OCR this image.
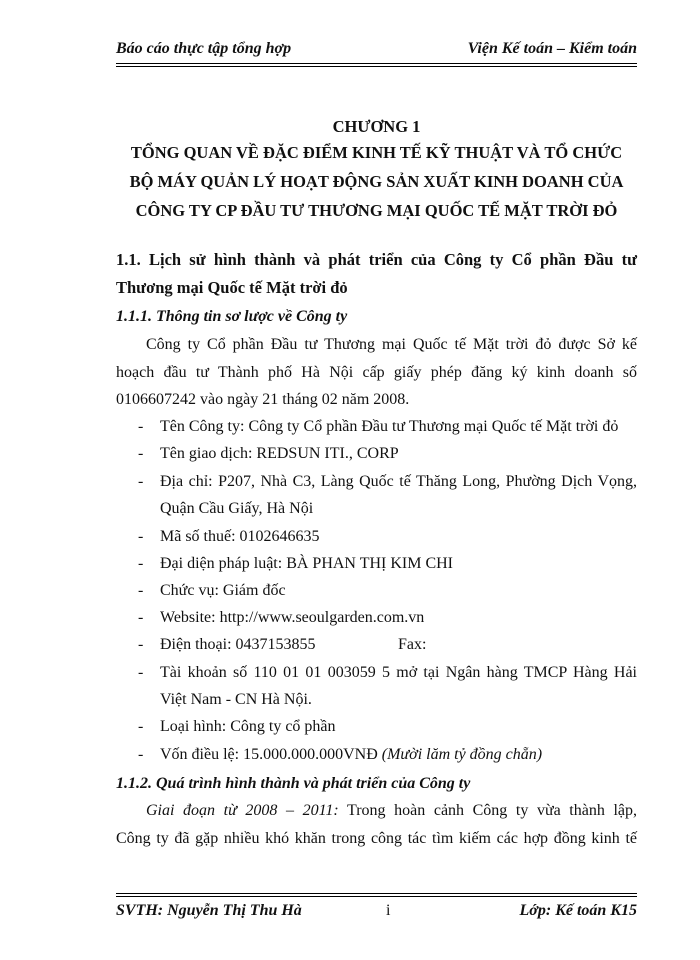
Báo cáo thực tập tổng hợp	Viện Kế toán – Kiểm toán
CHƯƠNG 1
TỔNG QUAN VỀ ĐẶC ĐIỂM KINH TẾ KỸ THUẬT VÀ TỔ CHỨC
BỘ MÁY QUẢN LÝ HOẠT ĐỘNG SẢN XUẤT KINH DOANH CỦA
CÔNG TY CP ĐẦU TƯ THƯƠNG MẠI QUỐC TẾ MẶT TRỜI ĐỎ
1.1. Lịch sử hình thành và phát triển của Công ty Cổ phần Đầu tư
Thương mại Quốc tế Mặt trời đỏ
1.1.1. Thông tin sơ lược về Công ty
Công ty Cổ phần Đầu tư Thương mại Quốc tế Mặt trời đỏ được Sở kế
hoạch đầu tư Thành phố Hà Nội cấp giấy phép đăng ký kinh doanh số
0106607242 vào ngày 21 tháng 02 năm 2008.
- Tên Công ty: Công ty Cổ phần Đầu tư Thương mại Quốc tế Mặt trời đỏ
- Tên giao dịch: REDSUN ITI., CORP
- Địa chỉ: P207, Nhà C3, Làng Quốc tế Thăng Long, Phường Dịch Vọng,
Quận Cầu Giấy, Hà Nội
- Mã số thuế: 0102646635
- Đại diện pháp luật: BÀ PHAN THỊ KIM CHI
- Chức vụ: Giám đốc
- Website: http://www.seoulgarden.com.vn
- Điện thoại: 0437153855	Fax:
- Tài khoản số 110 01 01 003059 5 mở tại Ngân hàng TMCP Hàng Hải
Việt Nam - CN Hà Nội.
- Loại hình: Công ty cổ phần
- Vốn điều lệ: 15.000.000.000VNĐ (Mười lăm tỷ đồng chẵn)
1.1.2. Quá trình hình thành và phát triển của Công ty
Giai đoạn từ 2008 – 2011: Trong hoàn cảnh Công ty vừa thành lập,
Công ty đã gặp nhiều khó khăn trong công tác tìm kiếm các hợp đồng kinh tế
SVTH: Nguyễn Thị Thu Hà	i	Lớp: Kế toán K15
